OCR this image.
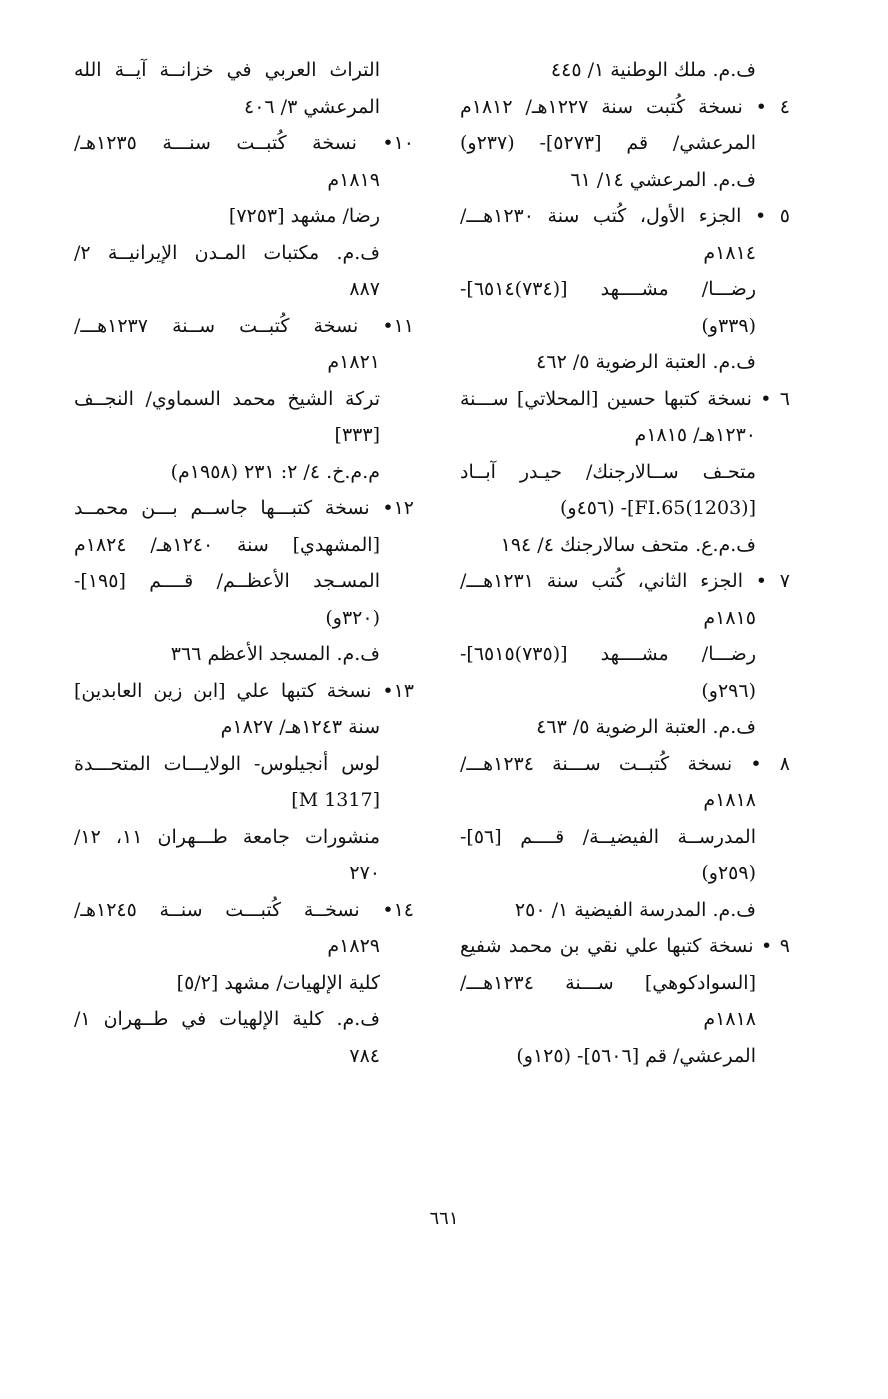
ف.م. ملك الوطنية ١/ ٤٤٥
٤ • نسخة كُتبت سنة ١٢٢٧هـ/ ١٨١٢م
المرعشي/ قم [٥٢٧٣]- (٢٣٧و)
ف.م. المرعشي ١٤/ ٦١
٥ • الجزء الأول، كُتب سنة ١٢٣٠هـــ/
١٨١٤م
رضـــا/ مشــــهد [(٧٣٤)٦٥١٤]-
(٣٣٩و)
ف.م. العتبة الرضوية ٥/ ٤٦٢
٦ • نسخة كتبها حسين [المحلاتي] ســـنة
١٢٣٠هـ/ ١٨١٥م
متحـف ســالارجنك/ حيـدر آبــاد
[FI.65(1203)]- (٤٥٦و)
ف.م.ع. متحف سالارجنك ٤/ ١٩٤
٧ • الجزء الثاني، كُتب سنة ١٢٣١هـــ/
١٨١٥م
رضـــا/ مشــــهد [(٧٣٥)٦٥١٥]-
(٢٩٦و)
ف.م. العتبة الرضوية ٥/ ٤٦٣
٨ • نسخة كُتبــت ســـنة ١٢٣٤هـــ/
١٨١٨م
المدرســة الفيضيــة/ قــــم [٥٦]-
(٢٥٩و)
ف.م. المدرسة الفيضية ١/ ٢٥٠
٩ • نسخة كتبها علي نقي بن محمد شفيع
[السوادكوهي] ســـنة ١٢٣٤هـــ/
١٨١٨م
المرعشي/ قم [٥٦٠٦]- (١٢٥و)
التراث العربي في خزانــة آيــة الله
المرعشي ٣/ ٤٠٦
١٠• نسخة كُتبــت سنـــة ١٢٣٥هـ/
١٨١٩م
رضا/ مشهد [٧٢٥٣]
ف.م. مكتبات المـدن الإيرانيــة ٢/
٨٨٧
١١• نسخة كُتبــت ســنة ١٢٣٧هـــ/
١٨٢١م
تركة الشيخ محمد السماوي/ النجــف
[٣٣٣]
م.م.خ. ٤/ ٢: ٢٣١ (١٩٥٨م)
١٢• نسخة كتبـــها جاســم بـــن محمــد
[المشهدي] سنة ١٢٤٠هـ/ ١٨٢٤م
المسـجد الأعظــم/ قــــم [١٩٥]-
(٣٢٠و)
ف.م. المسجد الأعظم ٣٦٦
١٣• نسخة كتبها علي [ابن زين العابدين]
سنة ١٢٤٣هـ/ ١٨٢٧م
لوس أنجيلوس- الولايـــات المتحـــدة
[M 1317]
منشورات جامعة طـــهران ١١، ١٢/
٢٧٠
١٤• نسخــة كُتبـــت سنــة ١٢٤٥هـ/
١٨٢٩م
كلية الإلهيات/ مشهد [٥/٢]
ف.م. كلية الإلهيات في طــهران ١/
٧٨٤
٦٦١
